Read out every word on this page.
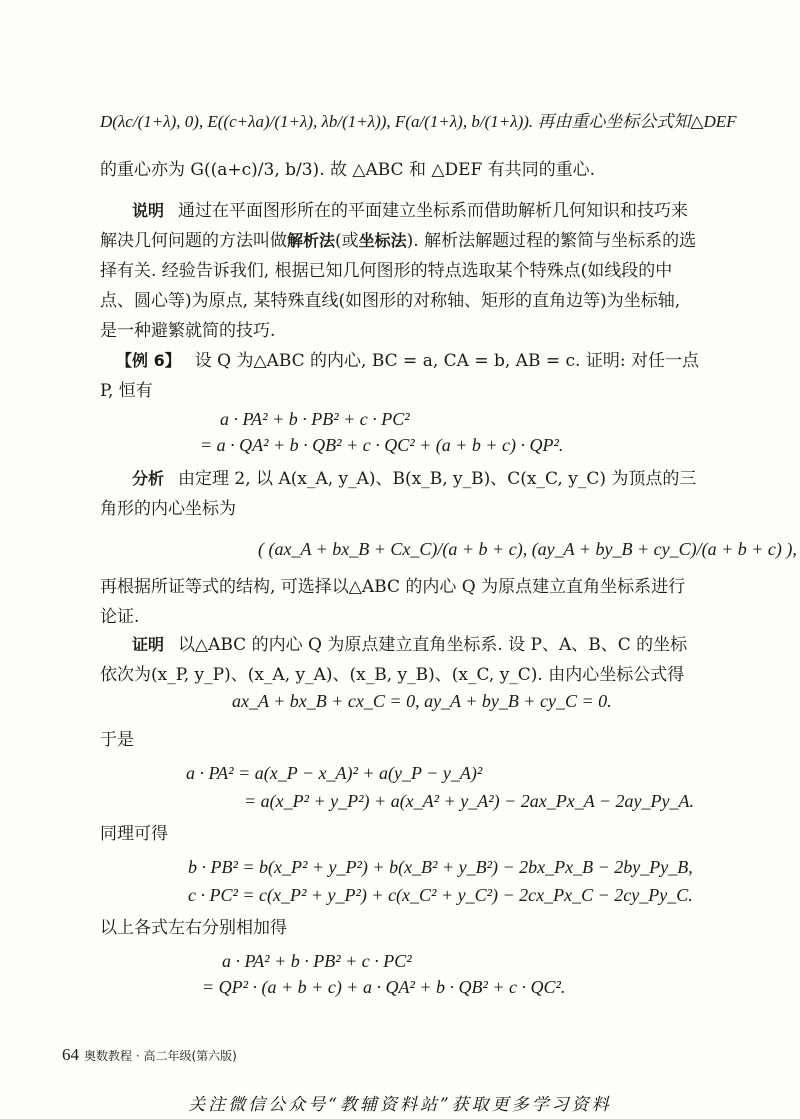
D(λc/(1+λ), 0), E((c+λa)/(1+λ), λb/(1+λ)), F(a/(1+λ), b/(1+λ)). 再由重心坐标公式知△DEF
的重心亦为 G((a+c)/3, b/3). 故 △ABC 和 △DEF 有共同的重心.
说明 通过在平面图形所在的平面建立坐标系而借助解析几何知识和技巧来解决几何问题的方法叫做解析法(或坐标法). 解析法解题过程的繁简与坐标系的选择有关. 经验告诉我们, 根据已知几何图形的特点选取某个特殊点(如线段的中点、圆心等)为原点, 某特殊直线(如图形的对称轴、矩形的直角边等)为坐标轴, 是一种避繁就简的技巧.
【例 6】 设 Q 为△ABC 的内心, BC = a, CA = b, AB = c. 证明: 对任一点 P, 恒有
a · PA² + b · PB² + c · PC²
= a · QA² + b · QB² + c · QC² + (a + b + c) · QP².
分析 由定理 2, 以 A(x_A, y_A)、B(x_B, y_B)、C(x_C, y_C) 为顶点的三角形的内心坐标为
( (ax_A + bx_B + Cx_C)/(a + b + c), (ay_A + by_B + cy_C)/(a + b + c) ),
再根据所证等式的结构, 可选择以△ABC 的内心 Q 为原点建立直角坐标系进行论证.
证明 以△ABC 的内心 Q 为原点建立直角坐标系. 设 P、A、B、C 的坐标依次为(x_P, y_P)、(x_A, y_A)、(x_B, y_B)、(x_C, y_C). 由内心坐标公式得
ax_A + bx_B + cx_C = 0, ay_A + by_B + cy_C = 0.
于是
a · PA² = a(x_P − x_A)² + a(y_P − y_A)²
= a(x_P² + y_P²) + a(x_A² + y_A²) − 2ax_Px_A − 2ay_Py_A.
同理可得
b · PB² = b(x_P² + y_P²) + b(x_B² + y_B²) − 2bx_Px_B − 2by_Py_B,
c · PC² = c(x_P² + y_P²) + c(x_C² + y_C²) − 2cx_Px_C − 2cy_Py_C.
以上各式左右分别相加得
a · PA² + b · PB² + c · PC²
= QP² · (a + b + c) + a · QA² + b · QB² + c · QC².
64 奥数教程 · 高二年级(第六版)
关注微信公众号“教辅资料站”获取更多学习资料
